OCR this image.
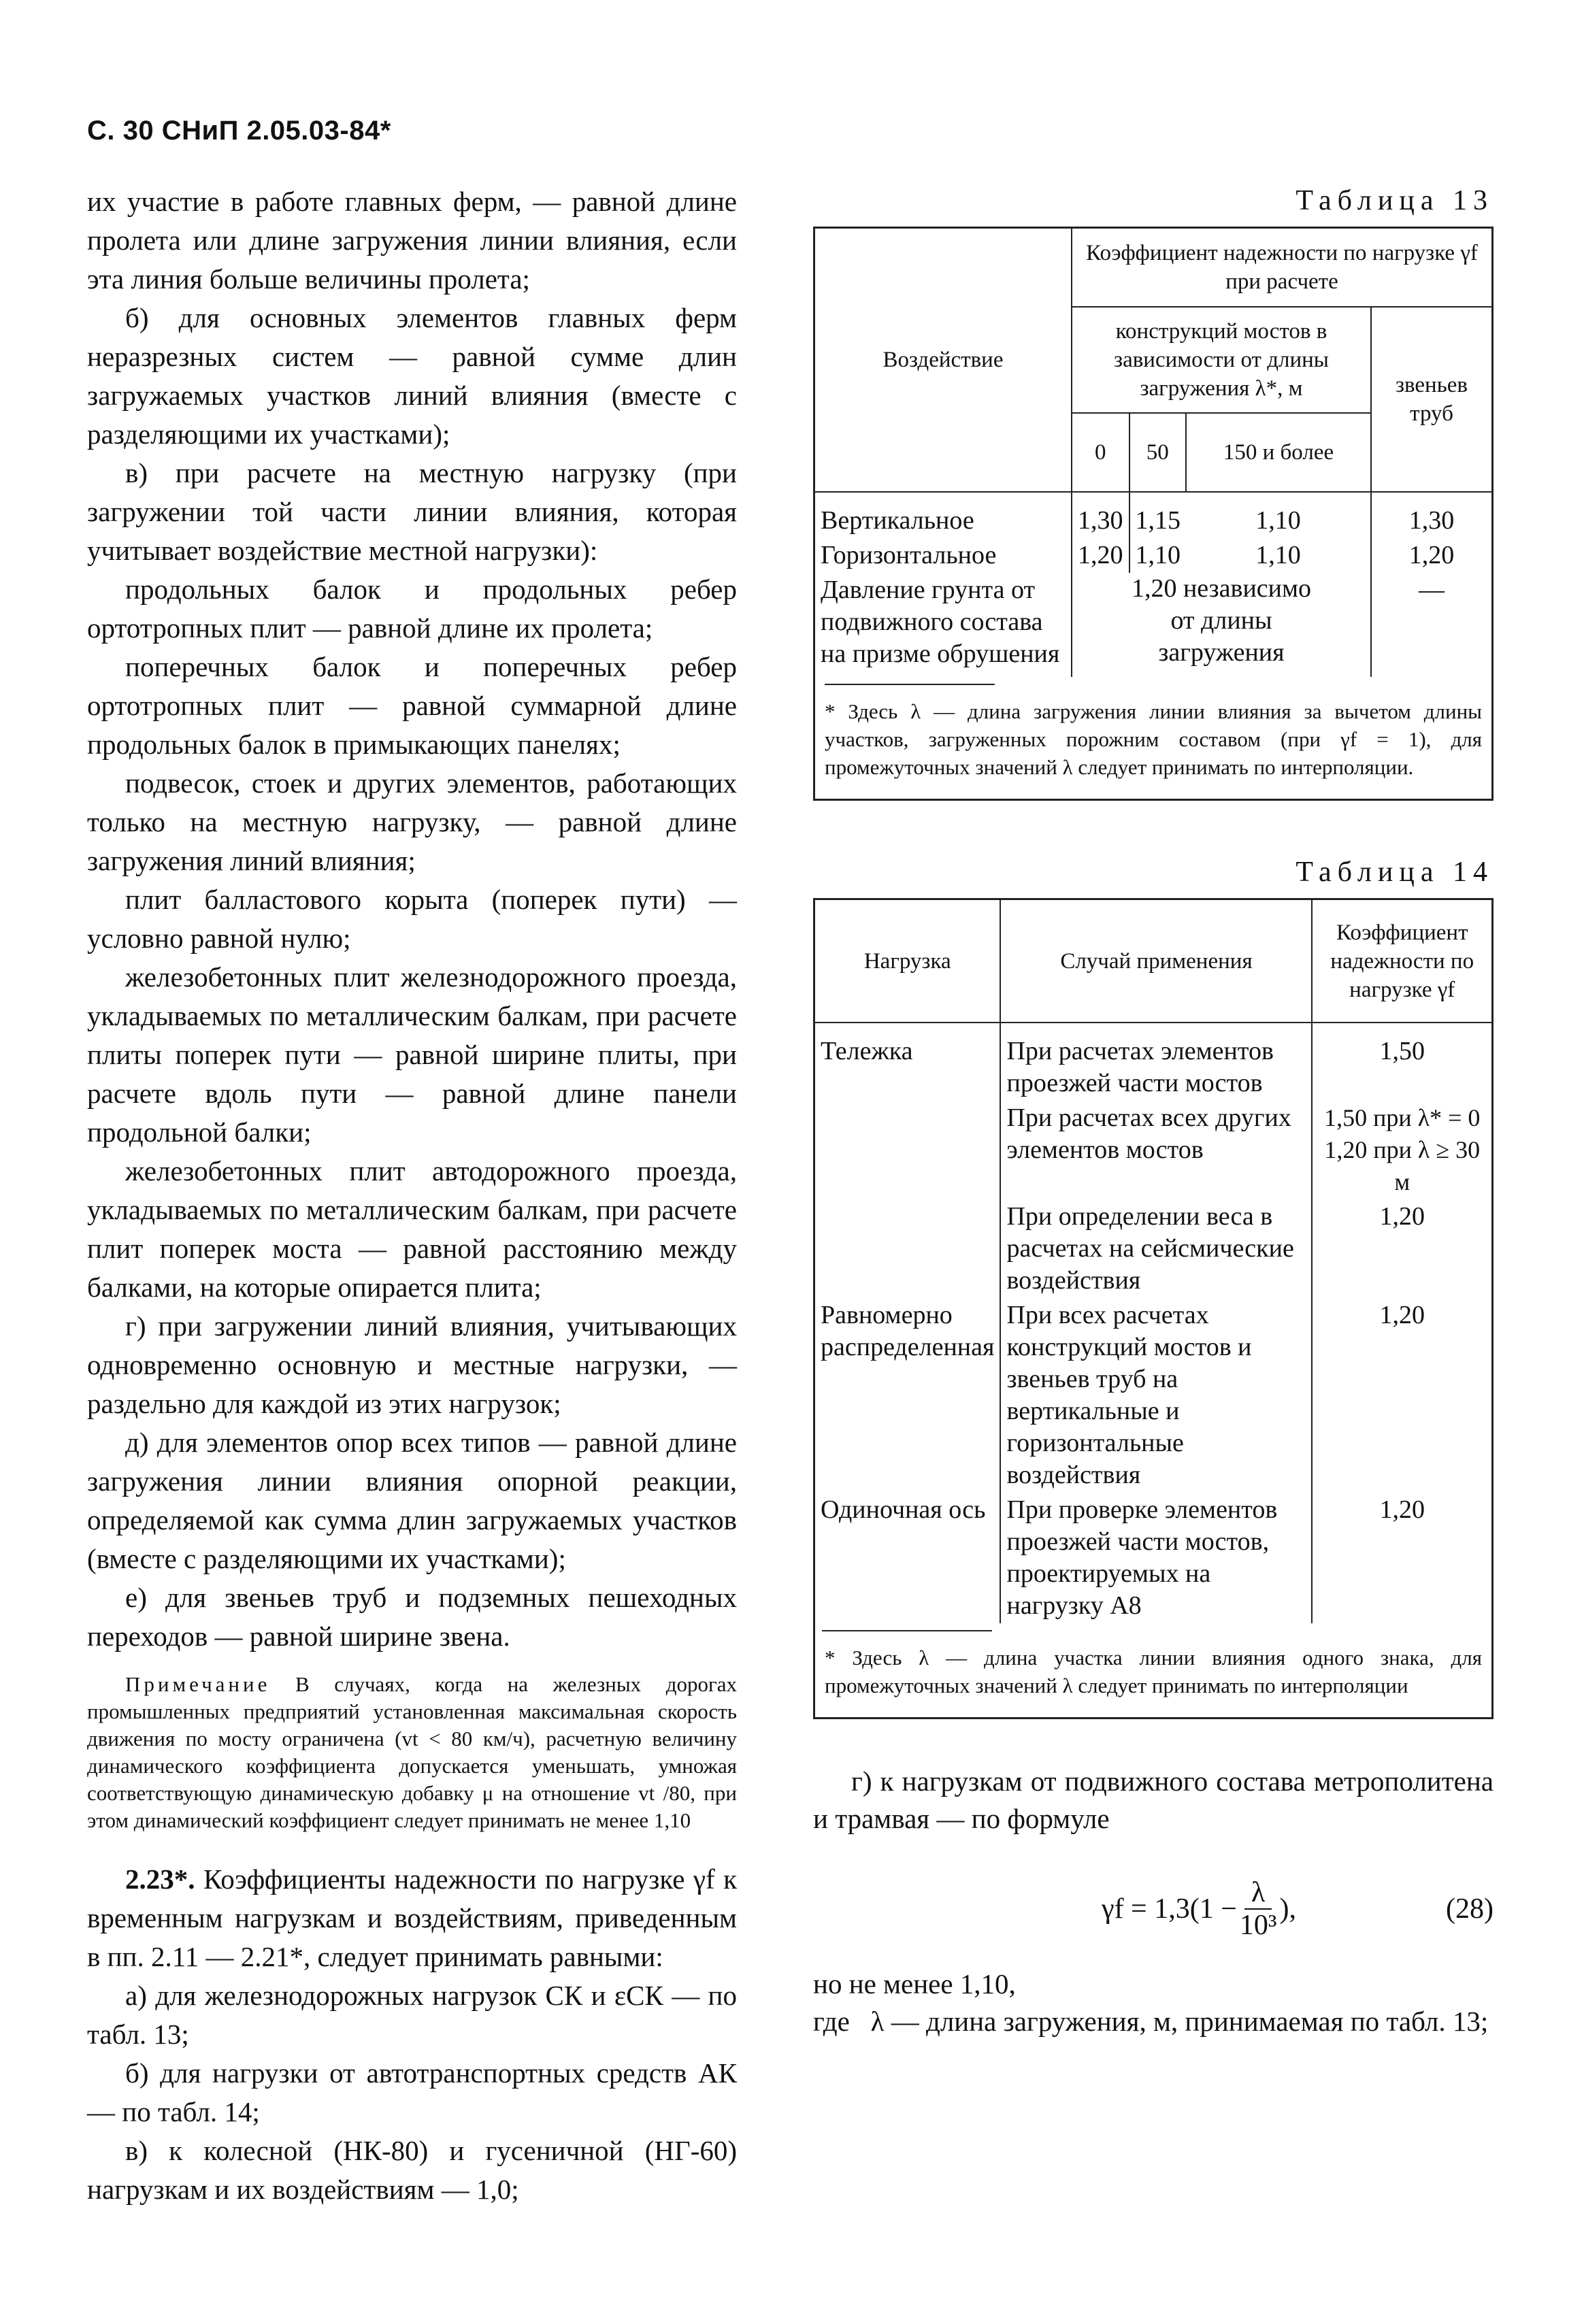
С. 30 СНиП 2.05.03-84*

их участие в работе главных ферм, — равной длине пролета или длине загружения линии влияния, если эта линия больше величины пролета;

б) для основных элементов главных ферм неразрезных систем — равной сумме длин загружаемых участков линий влияния (вместе с разделяющими их участками);

в) при расчете на местную нагрузку (при загружении той части линии влияния, которая учитывает воздействие местной нагрузки):

продольных балок и продольных ребер ортотропных плит — равной длине их пролета;

поперечных балок и поперечных ребер ортотропных плит — равной суммарной длине продольных балок в примыкающих панелях;

подвесок, стоек и других элементов, работающих только на местную нагрузку, — равной длине загружения линий влияния;

плит балластового корыта (поперек пути) — условно равной нулю;

железобетонных плит железнодорожного проезда, укладываемых по металлическим балкам, при расчете плиты поперек пути — равной ширине плиты, при расчете вдоль пути — равной длине панели продольной балки;

железобетонных плит автодорожного проезда, укладываемых по металлическим балкам, при расчете плит поперек моста — равной расстоянию между балками, на которые опирается плита;

г) при загружении линий влияния, учитывающих одновременно основную и местные нагрузки, — раздельно для каждой из этих нагрузок;

д) для элементов опор всех типов — равной длине загружения линии влияния опорной реакции, определяемой как сумма длин загружаемых участков (вместе с разделяющими их участками);

е) для звеньев труб и подземных пешеходных переходов — равной ширине звена.

Примечание В случаях, когда на железных дорогах промышленных предприятий установленная максимальная скорость движения по мосту ограничена (vt < 80 км/ч), расчетную величину динамического коэффициента допускается уменьшать, умножая соответствующую динамическую добавку μ на отношение vt /80, при этом динамический коэффициент следует принимать не менее 1,10

2.23*. Коэффициенты надежности по нагрузке γf к временным нагрузкам и воздействиям, приведенным в пп. 2.11 — 2.21*, следует принимать равными:

а) для железнодорожных нагрузок СК и εСК — по табл. 13;

б) для нагрузки от автотранспортных средств АК — по табл. 14;

в) к колесной (НК-80) и гусеничной (НГ-60) нагрузкам и их воздействиям — 1,0;

Таблица 13
Воздействие	Коэффициент надежности по нагрузке γf при расчете			
	конструкций мостов в зависимости от длины загружения λ*, м			звеньев труб
	0	50	150 и более	
Вертикальное	1,30	1,15	1,10	1,30
Горизонтальное	1,20	1,10	1,10	1,20
Давление грунта от подвижного состава на призме обрушения	1,20 независимо от длины загружения			—
* Здесь λ — длина загружения линии влияния за вычетом длины участков, загруженных порожним составом (при γf = 1), для промежуточных значений λ следует принимать по интерполяции.
Таблица 14
Нагрузка	Случай применения	Коэффициент надежности по нагрузке γf
Тележка	При расчетах элементов проезжей части мостов	1,50
	При расчетах всех других элементов мостов	1,50 при λ* = 0
1,20 при λ ≥ 30 м
	При определении веса в расчетах на сейсмические воздействия	1,20
Равномерно распределенная	При всех расчетах конструкций мостов и звеньев труб на вертикальные и горизонтальные воздействия	1,20
Одиночная ось	При проверке элементов проезжей части мостов, проектируемых на нагрузку А8	1,20
* Здесь λ — длина участка линии влияния одного знака, для промежуточных значений λ следует принимать по интерполяции

г) к нагрузкам от подвижного состава метрополитена и трамвая — по формуле

$\gamma f = 1,3(1 - \frac{\lambda}{\text{10³}}$ ),	(28)

но не менее 1,10,

где   λ — длина загружения, м, принимаемая по табл. 13;
